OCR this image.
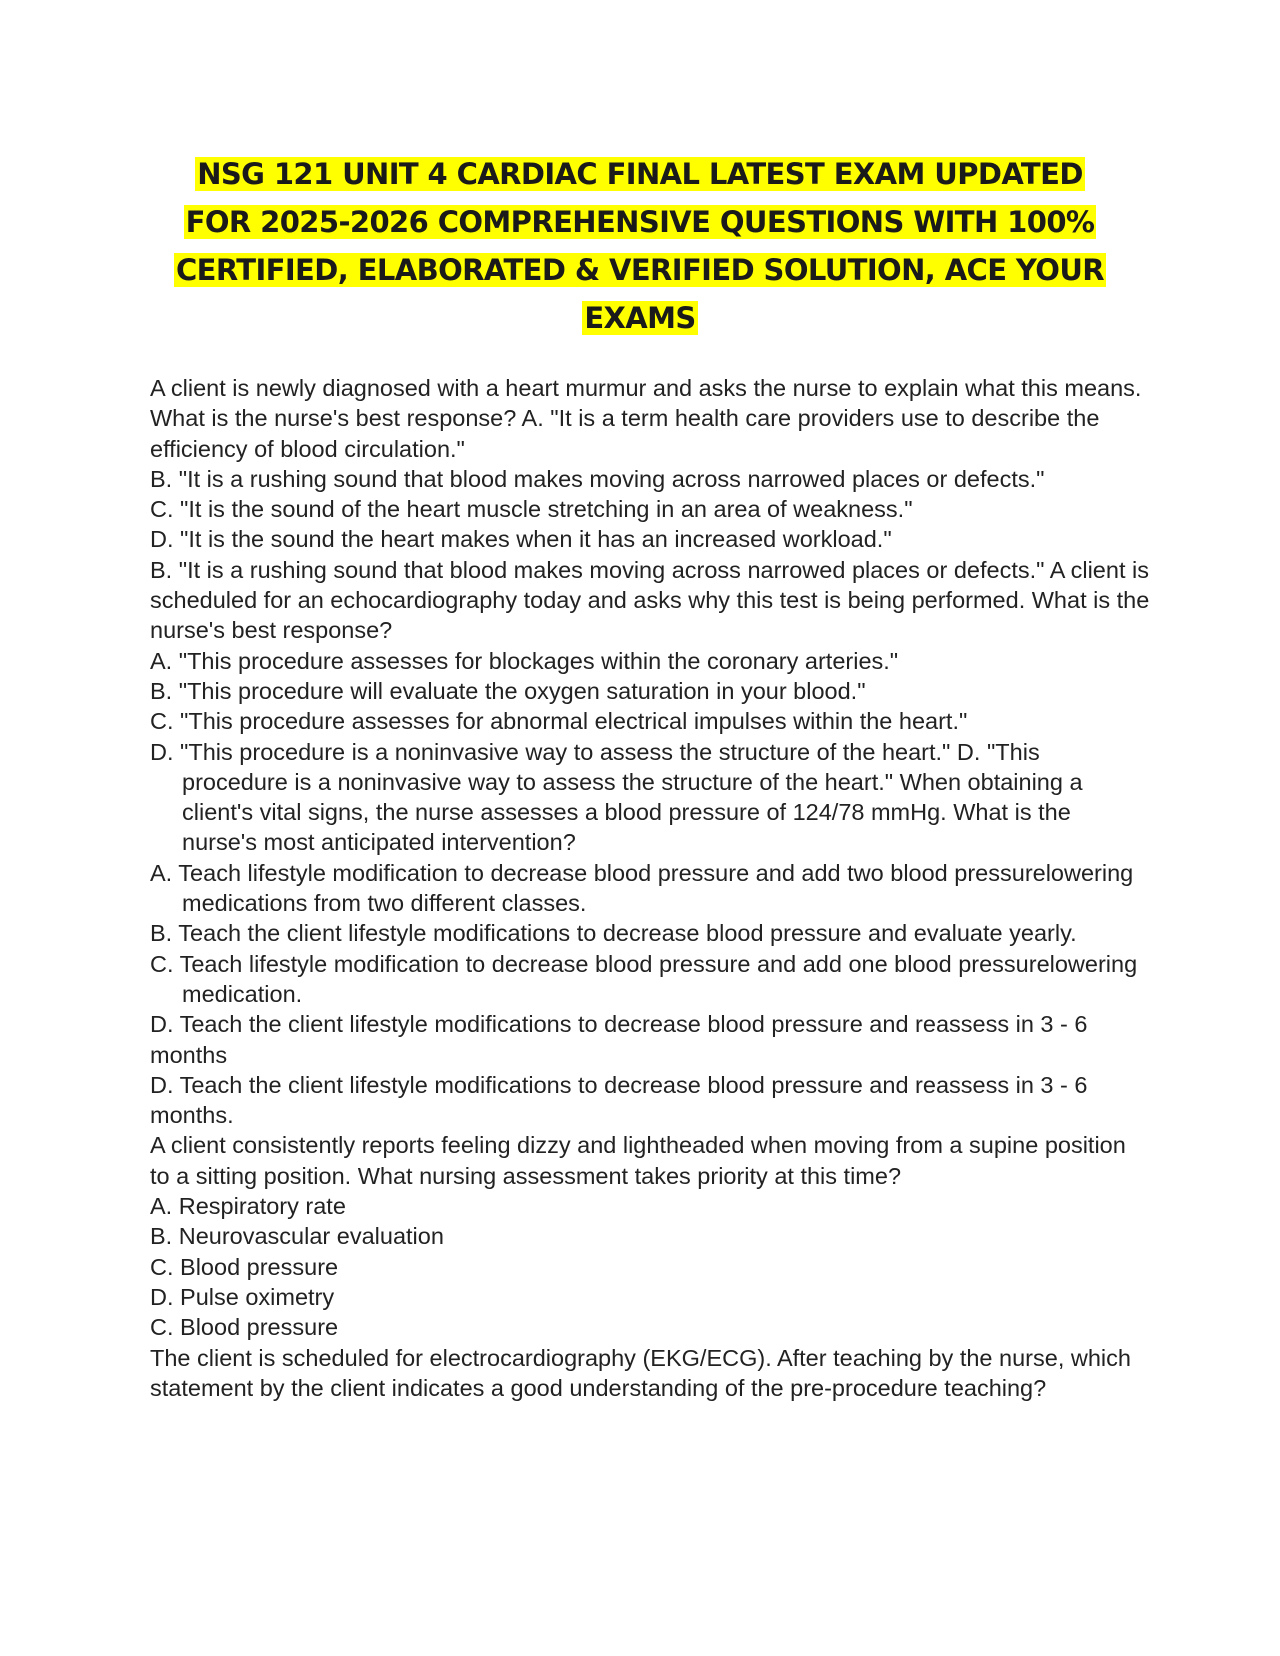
NSG 121 UNIT 4 CARDIAC FINAL LATEST EXAM UPDATED
FOR 2025-2026 COMPREHENSIVE QUESTIONS WITH 100%
CERTIFIED, ELABORATED & VERIFIED SOLUTION, ACE YOUR
EXAMS

A client is newly diagnosed with a heart murmur and asks the nurse to explain what this means. What is the nurse's best response? A. "It is a term health care providers use to describe the efficiency of blood circulation."

B. "It is a rushing sound that blood makes moving across narrowed places or defects."

C. "It is the sound of the heart muscle stretching in an area of weakness."

D. "It is the sound the heart makes when it has an increased workload."

B. "It is a rushing sound that blood makes moving across narrowed places or defects." A client is scheduled for an echocardiography today and asks why this test is being performed. What is the nurse's best response?

A. "This procedure assesses for blockages within the coronary arteries."

B. "This procedure will evaluate the oxygen saturation in your blood."

C. "This procedure assesses for abnormal electrical impulses within the heart."

D. "This procedure is a noninvasive way to assess the structure of the heart." D. "This procedure is a noninvasive way to assess the structure of the heart." When obtaining a client's vital signs, the nurse assesses a blood pressure of 124/78 mmHg. What is the nurse's most anticipated intervention?

A. Teach lifestyle modification to decrease blood pressure and add two blood pressurelowering medications from two different classes.

B. Teach the client lifestyle modifications to decrease blood pressure and evaluate yearly.

C. Teach lifestyle modification to decrease blood pressure and add one blood pressurelowering medication.

D. Teach the client lifestyle modifications to decrease blood pressure and reassess in 3 - 6 months

D. Teach the client lifestyle modifications to decrease blood pressure and reassess in 3 - 6 months.

A client consistently reports feeling dizzy and lightheaded when moving from a supine position to a sitting position. What nursing assessment takes priority at this time?

A. Respiratory rate

B. Neurovascular evaluation

C. Blood pressure

D. Pulse oximetry

C. Blood pressure

The client is scheduled for electrocardiography (EKG/ECG). After teaching by the nurse, which statement by the client indicates a good understanding of the pre-procedure teaching?
